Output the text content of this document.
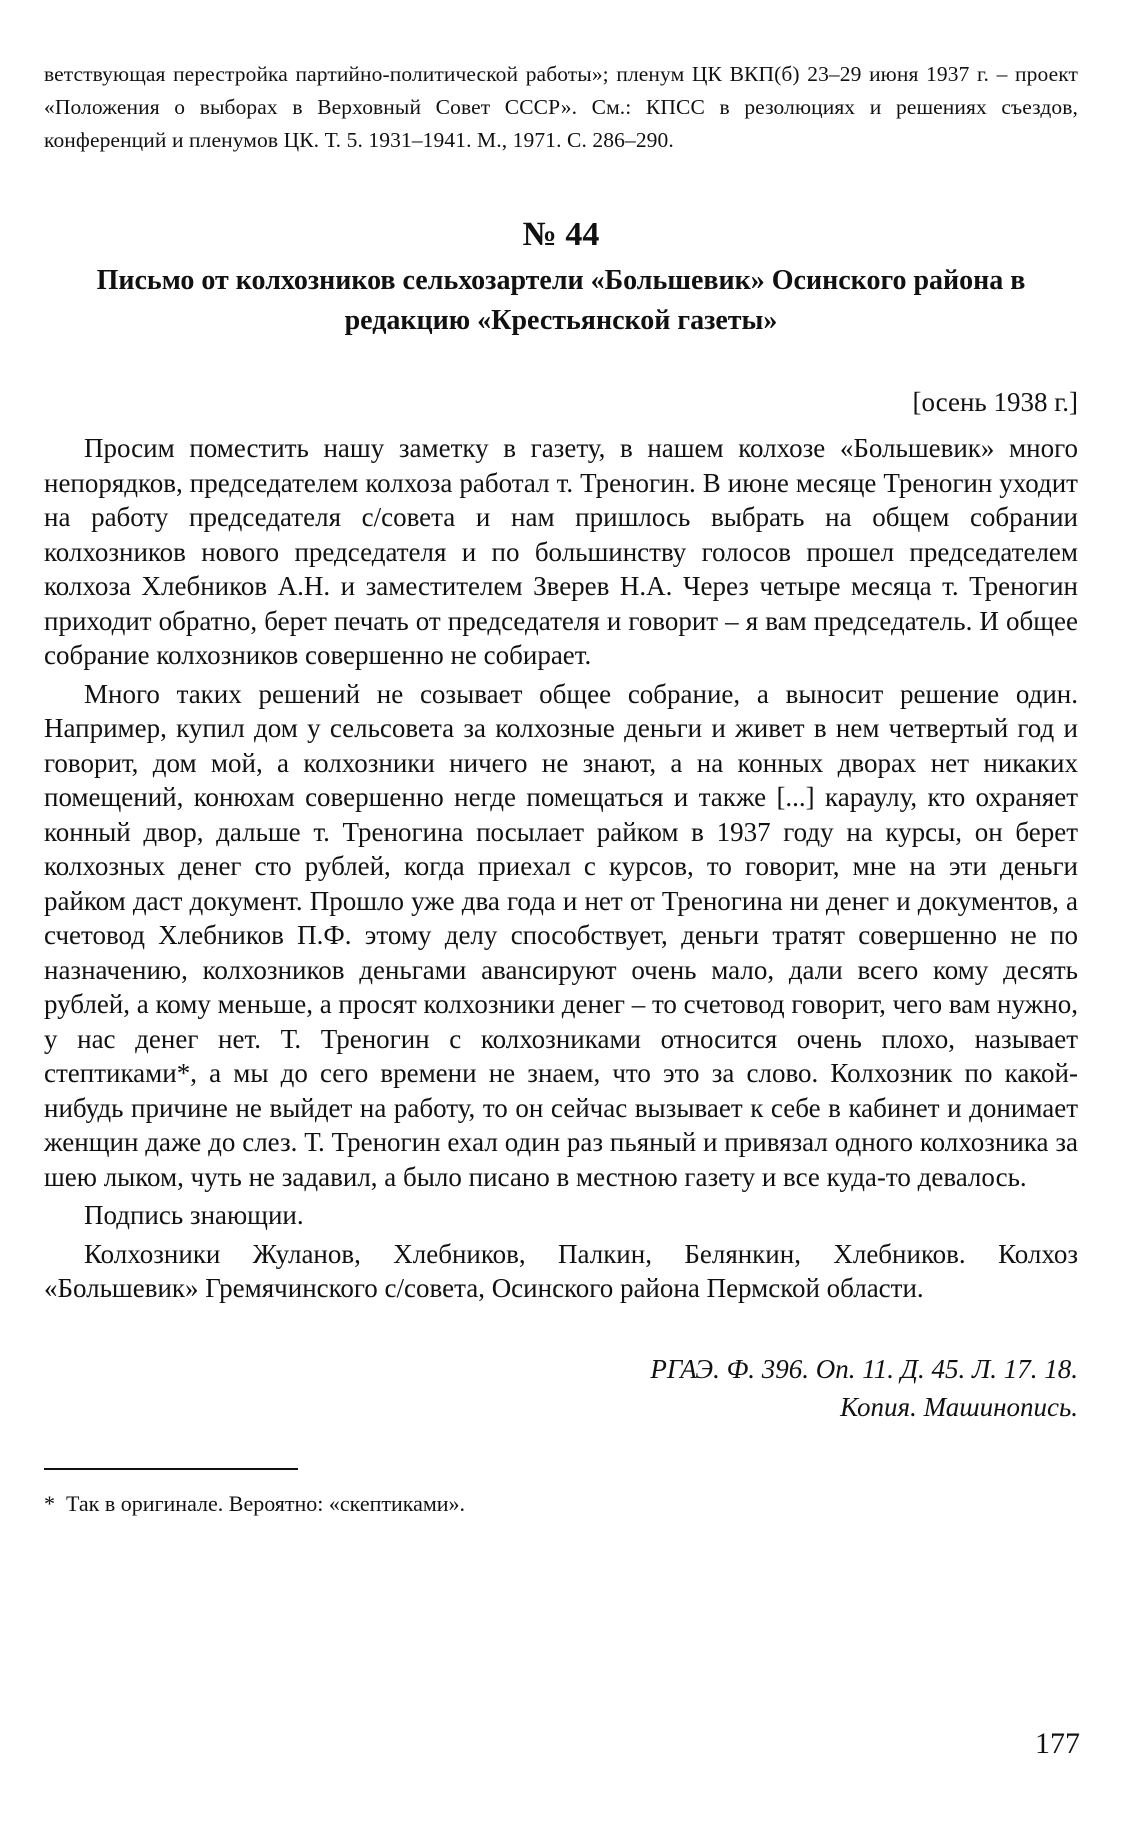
ветствующая перестройка партийно-политической работы»; пленум ЦК ВКП(б) 23–29 июня 1937 г. – проект «Положения о выборах в Верховный Совет СССР». См.: КПСС в резолюциях и решениях съездов, конференций и пленумов ЦК. Т. 5. 1931–1941. М., 1971. С. 286–290.

№ 44
Письмо от колхозников сельхозартели «Большевик» Осинского района в редакцию «Крестьянской газеты»
[осень 1938 г.]

Просим поместить нашу заметку в газету, в нашем колхозе «Большевик» много непорядков, председателем колхоза работал т. Треногин. В июне месяце Треногин уходит на работу председателя с/совета и нам пришлось выбрать на общем собрании колхозников нового председателя и по большинству голосов прошел председателем колхоза Хлебников А.Н. и заместителем Зверев Н.А. Через четыре месяца т. Треногин приходит обратно, берет печать от председателя и говорит – я вам председатель. И общее собрание колхозников совершенно не собирает.

Много таких решений не созывает общее собрание, а выносит решение один. Например, купил дом у сельсовета за колхозные деньги и живет в нем четвертый год и говорит, дом мой, а колхозники ничего не знают, а на конных дворах нет никаких помещений, конюхам совершенно негде помещаться и также [...] караулу, кто охраняет конный двор, дальше т. Треногина посылает райком в 1937 году на курсы, он берет колхозных денег сто рублей, когда приехал с курсов, то говорит, мне на эти деньги райком даст документ. Прошло уже два года и нет от Треногина ни денег и документов, а счетовод Хлебников П.Ф. этому делу способствует, деньги тратят совершенно не по назначению, колхозников деньгами авансируют очень мало, дали всего кому десять рублей, а кому меньше, а просят колхозники денег – то счетовод говорит, чего вам нужно, у нас денег нет. Т. Треногин с колхозниками относится очень плохо, называет стептиками*, а мы до сего времени не знаем, что это за слово. Колхозник по какой-нибудь причине не выйдет на работу, то он сейчас вызывает к себе в кабинет и донимает женщин даже до слез. Т. Треногин ехал один раз пьяный и привязал одного колхозника за шею лыком, чуть не задавил, а было писано в местною газету и все куда-то девалось.

Подпись знающии.

Колхозники Жуланов, Хлебников, Палкин, Белянкин, Хлебников. Колхоз «Большевик» Гремячинского с/совета, Осинского района Пермской области.

РГАЭ. Ф. 396. Оп. 11. Д. 45. Л. 17. 18.
Копия. Машинопись.
* Так в оригинале. Вероятно: «скептиками».
177
